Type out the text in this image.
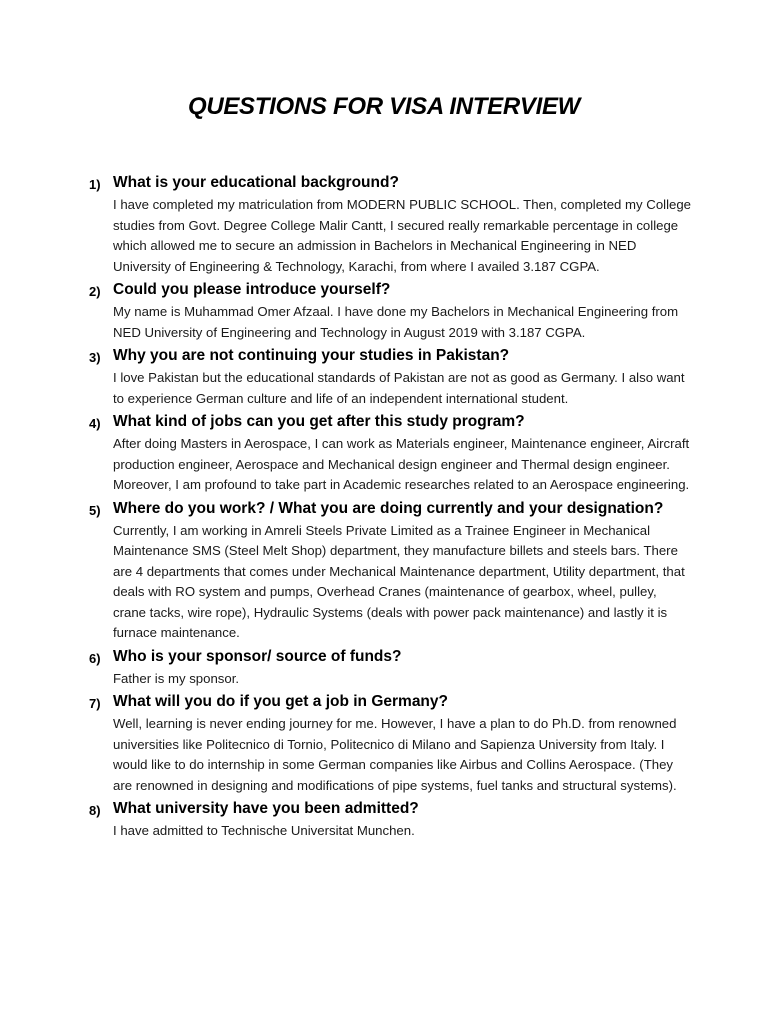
QUESTIONS FOR VISA INTERVIEW
1) What is your educational background?
I have completed my matriculation from MODERN PUBLIC SCHOOL. Then, completed my College studies from Govt. Degree College Malir Cantt, I secured really remarkable percentage in college which allowed me to secure an admission in Bachelors in Mechanical Engineering in NED University of Engineering & Technology, Karachi, from where I availed 3.187 CGPA.
2) Could you please introduce yourself?
My name is Muhammad Omer Afzaal. I have done my Bachelors in Mechanical Engineering from NED University of Engineering and Technology in August 2019 with 3.187 CGPA.
3) Why you are not continuing your studies in Pakistan?
I love Pakistan but the educational standards of Pakistan are not as good as Germany. I also want to experience German culture and life of an independent international student.
4) What kind of jobs can you get after this study program?
After doing Masters in Aerospace, I can work as Materials engineer, Maintenance engineer, Aircraft production engineer, Aerospace and Mechanical design engineer and Thermal design engineer. Moreover, I am profound to take part in Academic researches related to an Aerospace engineering.
5) Where do you work? / What you are doing currently and your designation?
Currently, I am working in Amreli Steels Private Limited as a Trainee Engineer in Mechanical Maintenance SMS (Steel Melt Shop) department, they manufacture billets and steels bars. There are 4 departments that comes under Mechanical Maintenance department, Utility department, that deals with RO system and pumps, Overhead Cranes (maintenance of gearbox, wheel, pulley, crane tacks, wire rope), Hydraulic Systems (deals with power pack maintenance) and lastly it is furnace maintenance.
6) Who is your sponsor/ source of funds?
Father is my sponsor.
7) What will you do if you get a job in Germany?
Well, learning is never ending journey for me. However, I have a plan to do Ph.D. from renowned universities like Politecnico di Tornio, Politecnico di Milano and Sapienza University from Italy. I would like to do internship in some German companies like Airbus and Collins Aerospace. (They are renowned in designing and modifications of pipe systems, fuel tanks and structural systems).
8) What university have you been admitted?
I have admitted to Technische Universitat Munchen.
